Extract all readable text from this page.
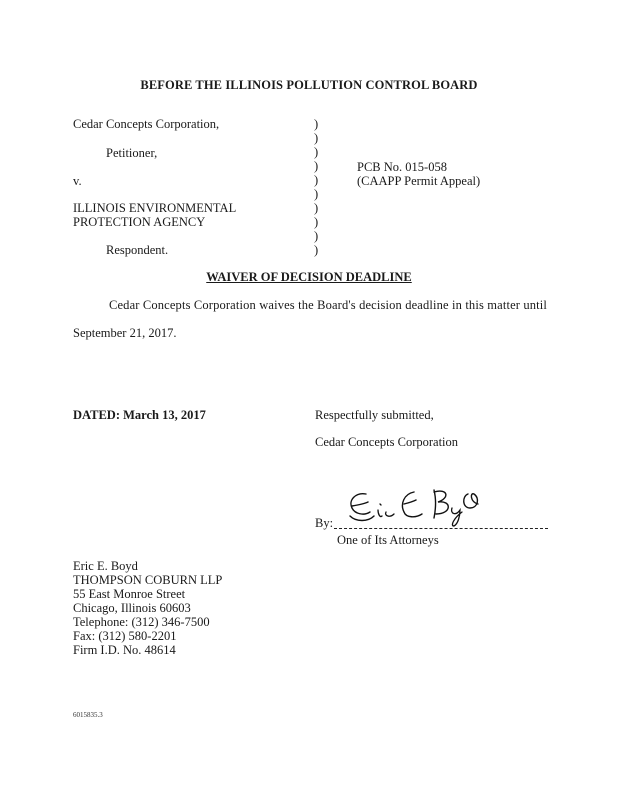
BEFORE THE ILLINOIS POLLUTION CONTROL BOARD
Cedar Concepts Corporation,
Petitioner,
v.
ILLINOIS ENVIRONMENTAL
PROTECTION AGENCY
Respondent.
)
)
)
)
)
)
)
)
)
)
PCB No. 015-058
(CAAPP Permit Appeal)
WAIVER OF DECISION DEADLINE
Cedar Concepts Corporation waives the Board's decision deadline in this matter until
September 21, 2017.
DATED: March 13, 2017	Respectfully submitted,
Cedar Concepts Corporation
Eric E Boyd
By:
One of Its Attorneys
Eric E. Boyd
THOMPSON COBURN LLP
55 East Monroe Street
Chicago, Illinois 60603
Telephone: (312) 346-7500
Fax: (312) 580-2201
Firm I.D. No. 48614
6015835.3
